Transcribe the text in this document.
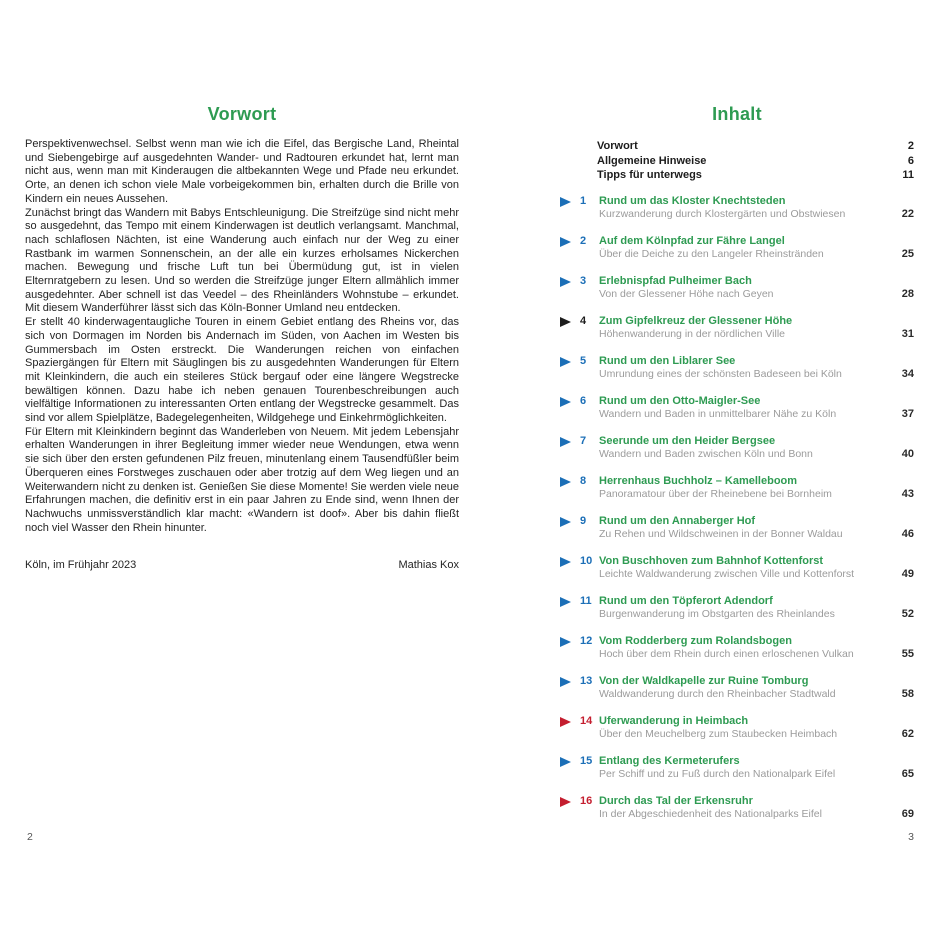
Vorwort
Perspektivenwechsel. Selbst wenn man wie ich die Eifel, das Bergische Land, Rheintal und Siebengebirge auf ausgedehnten Wander- und Radtouren erkundet hat, lernt man nicht aus, wenn man mit Kinderaugen die altbekannten Wege und Pfade neu erkundet. Orte, an denen ich schon viele Male vorbeigekommen bin, erhalten durch die Brille von Kindern ein neues Aussehen.
Zunächst bringt das Wandern mit Babys Entschleunigung. Die Streifzüge sind nicht mehr so ausgedehnt, das Tempo mit einem Kinderwagen ist deutlich verlangsamt. Manchmal, nach schlaflosen Nächten, ist eine Wanderung auch einfach nur der Weg zu einer Rastbank im warmen Sonnenschein, an der alle ein kurzes erholsames Nickerchen machen. Bewegung und frische Luft tun bei Übermüdung gut, ist in vielen Elternratgebern zu lesen. Und so werden die Streifzüge junger Eltern allmählich immer ausgedehnter. Aber schnell ist das Veedel – des Rheinländers Wohnstube – erkundet. Mit diesem Wanderführer lässt sich das Köln-Bonner Umland neu entdecken.
Er stellt 40 kinderwagentaugliche Touren in einem Gebiet entlang des Rheins vor, das sich von Dormagen im Norden bis Andernach im Süden, von Aachen im Westen bis Gummersbach im Osten erstreckt. Die Wanderungen reichen von einfachen Spaziergängen für Eltern mit Säuglingen bis zu ausgedehnten Wanderungen für Eltern mit Kleinkindern, die auch ein steileres Stück bergauf oder eine längere Wegstrecke bewältigen können. Dazu habe ich neben genauen Tourenbeschreibungen auch vielfältige Informationen zu interessanten Orten entlang der Wegstrecke gesammelt. Das sind vor allem Spielplätze, Badegelegenheiten, Wildgehege und Einkehrmöglichkeiten.
Für Eltern mit Kleinkindern beginnt das Wanderleben von Neuem. Mit jedem Lebensjahr erhalten Wanderungen in ihrer Begleitung immer wieder neue Wendungen, etwa wenn sie sich über den ersten gefundenen Pilz freuen, minutenlang einem Tausendfüßler beim Überqueren eines Forstweges zuschauen oder aber trotzig auf dem Weg liegen und an Weiterwandern nicht zu denken ist. Genießen Sie diese Momente! Sie werden viele neue Erfahrungen machen, die definitiv erst in ein paar Jahren zu Ende sind, wenn Ihnen der Nachwuchs unmissverständlich klar macht: «Wandern ist doof». Aber bis dahin fließt noch viel Wasser den Rhein hinunter.
Köln, im Frühjahr 2023	Mathias Kox
Inhalt
Vorwort	2
Allgemeine Hinweise	6
Tipps für unterwegs	11
1	Rund um das Kloster Knechtsteden
Kurzwanderung durch Klostergärten und Obstwiesen	22
2	Auf dem Kölnpfad zur Fähre Langel
Über die Deiche zu den Langeler Rheinstränden	25
3	Erlebnispfad Pulheimer Bach
Von der Glessener Höhe nach Geyen	28
4	Zum Gipfelkreuz der Glessener Höhe
Höhenwanderung in der nördlichen Ville	31
5	Rund um den Liblarer See
Umrundung eines der schönsten Badeseen bei Köln	34
6	Rund um den Otto-Maigler-See
Wandern und Baden in unmittelbarer Nähe zu Köln	37
7	Seerunde um den Heider Bergsee
Wandern und Baden zwischen Köln und Bonn	40
8	Herrenhaus Buchholz – Kamelleboom
Panoramatour über der Rheinebene bei Bornheim	43
9	Rund um den Annaberger Hof
Zu Rehen und Wildschweinen in der Bonner Waldau	46
10 Von Buschhoven zum Bahnhof Kottenforst
Leichte Waldwanderung zwischen Ville und Kottenforst	49
11 Rund um den Töpferort Adendorf
Burgenwanderung im Obstgarten des Rheinlandes	52
12 Vom Rodderberg zum Rolandsbogen
Hoch über dem Rhein durch einen erloschenen Vulkan	55
13 Von der Waldkapelle zur Ruine Tomburg
Waldwanderung durch den Rheinbacher Stadtwald	58
14 Uferwanderung in Heimbach
Über den Meuchelberg zum Staubecken Heimbach	62
15 Entlang des Kermeterufers
Per Schiff und zu Fuß durch den Nationalpark Eifel	65
16 Durch das Tal der Erkensruhr
In der Abgeschiedenheit des Nationalparks Eifel	69
2	3
